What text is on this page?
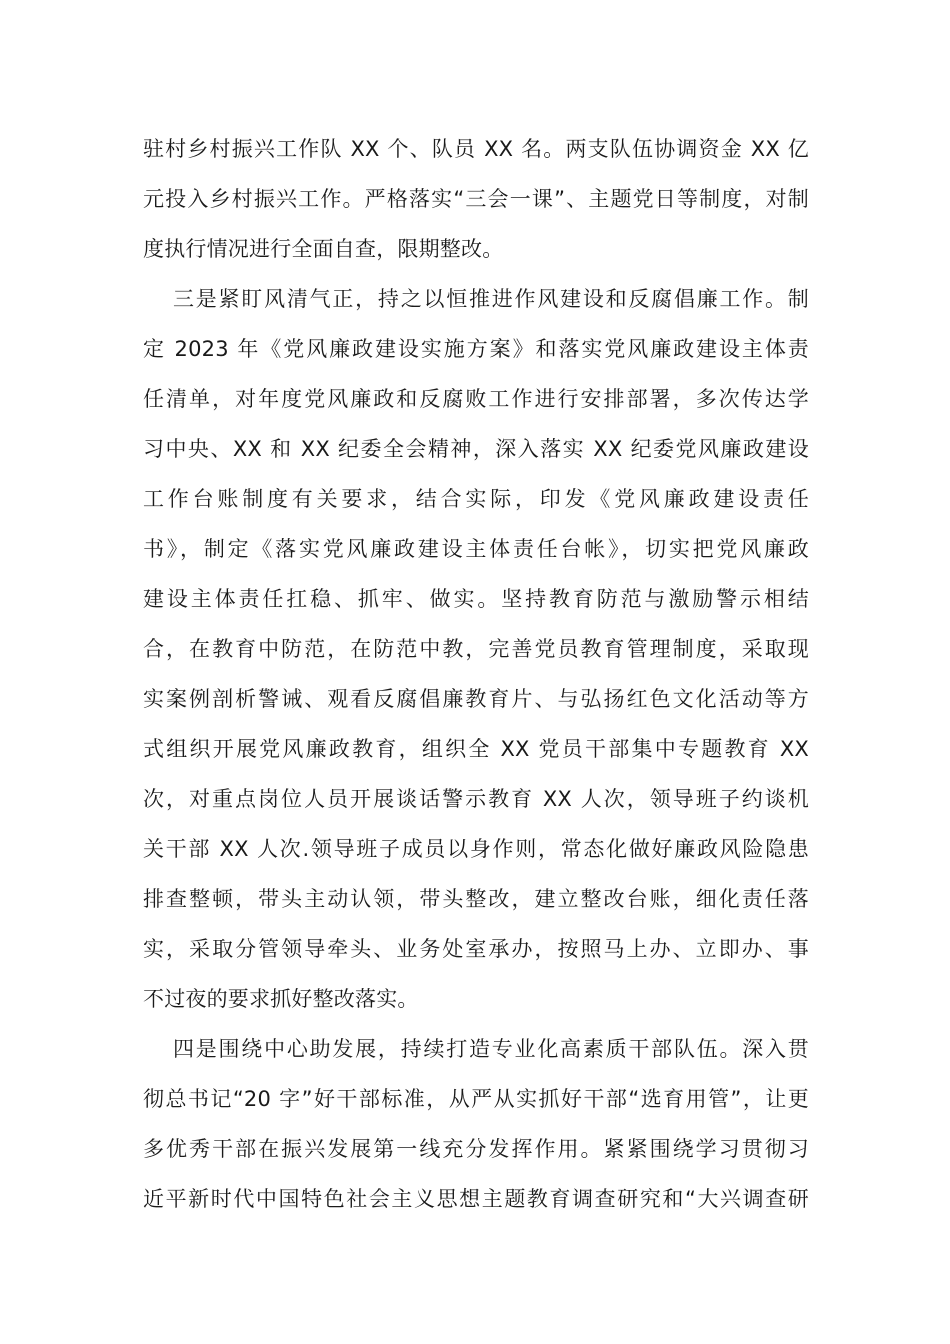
驻村乡村振兴工作队 XX 个、队员 XX 名。两支队伍协调资金 XX 亿
元投入乡村振兴工作。严格落实“三会一课”、主题党日等制度，对制
度执行情况进行全面自查，限期整改。
三是紧盯风清气正，持之以恒推进作风建设和反腐倡廉工作。制
定 2023 年《党风廉政建设实施方案》和落实党风廉政建设主体责
任清单，对年度党风廉政和反腐败工作进行安排部署，多次传达学
习中央、XX 和 XX 纪委全会精神，深入落实 XX 纪委党风廉政建设
工作台账制度有关要求，结合实际，印发《党风廉政建设责任
书》，制定《落实党风廉政建设主体责任台帐》，切实把党风廉政
建设主体责任扛稳、抓牢、做实。坚持教育防范与激励警示相结
合，在教育中防范，在防范中教，完善党员教育管理制度，采取现
实案例剖析警诫、观看反腐倡廉教育片、与弘扬红色文化活动等方
式组织开展党风廉政教育，组织全 XX 党员干部集中专题教育 XX
次，对重点岗位人员开展谈话警示教育 XX 人次，领导班子约谈机
关干部 XX 人次.领导班子成员以身作则，常态化做好廉政风险隐患
排查整顿，带头主动认领，带头整改，建立整改台账，细化责任落
实，采取分管领导牵头、业务处室承办，按照马上办、立即办、事
不过夜的要求抓好整改落实。
四是围绕中心助发展，持续打造专业化高素质干部队伍。深入贯
彻总书记“20 字”好干部标准，从严从实抓好干部“选育用管”，让更
多优秀干部在振兴发展第一线充分发挥作用。紧紧围绕学习贯彻习
近平新时代中国特色社会主义思想主题教育调查研究和“大兴调查研
